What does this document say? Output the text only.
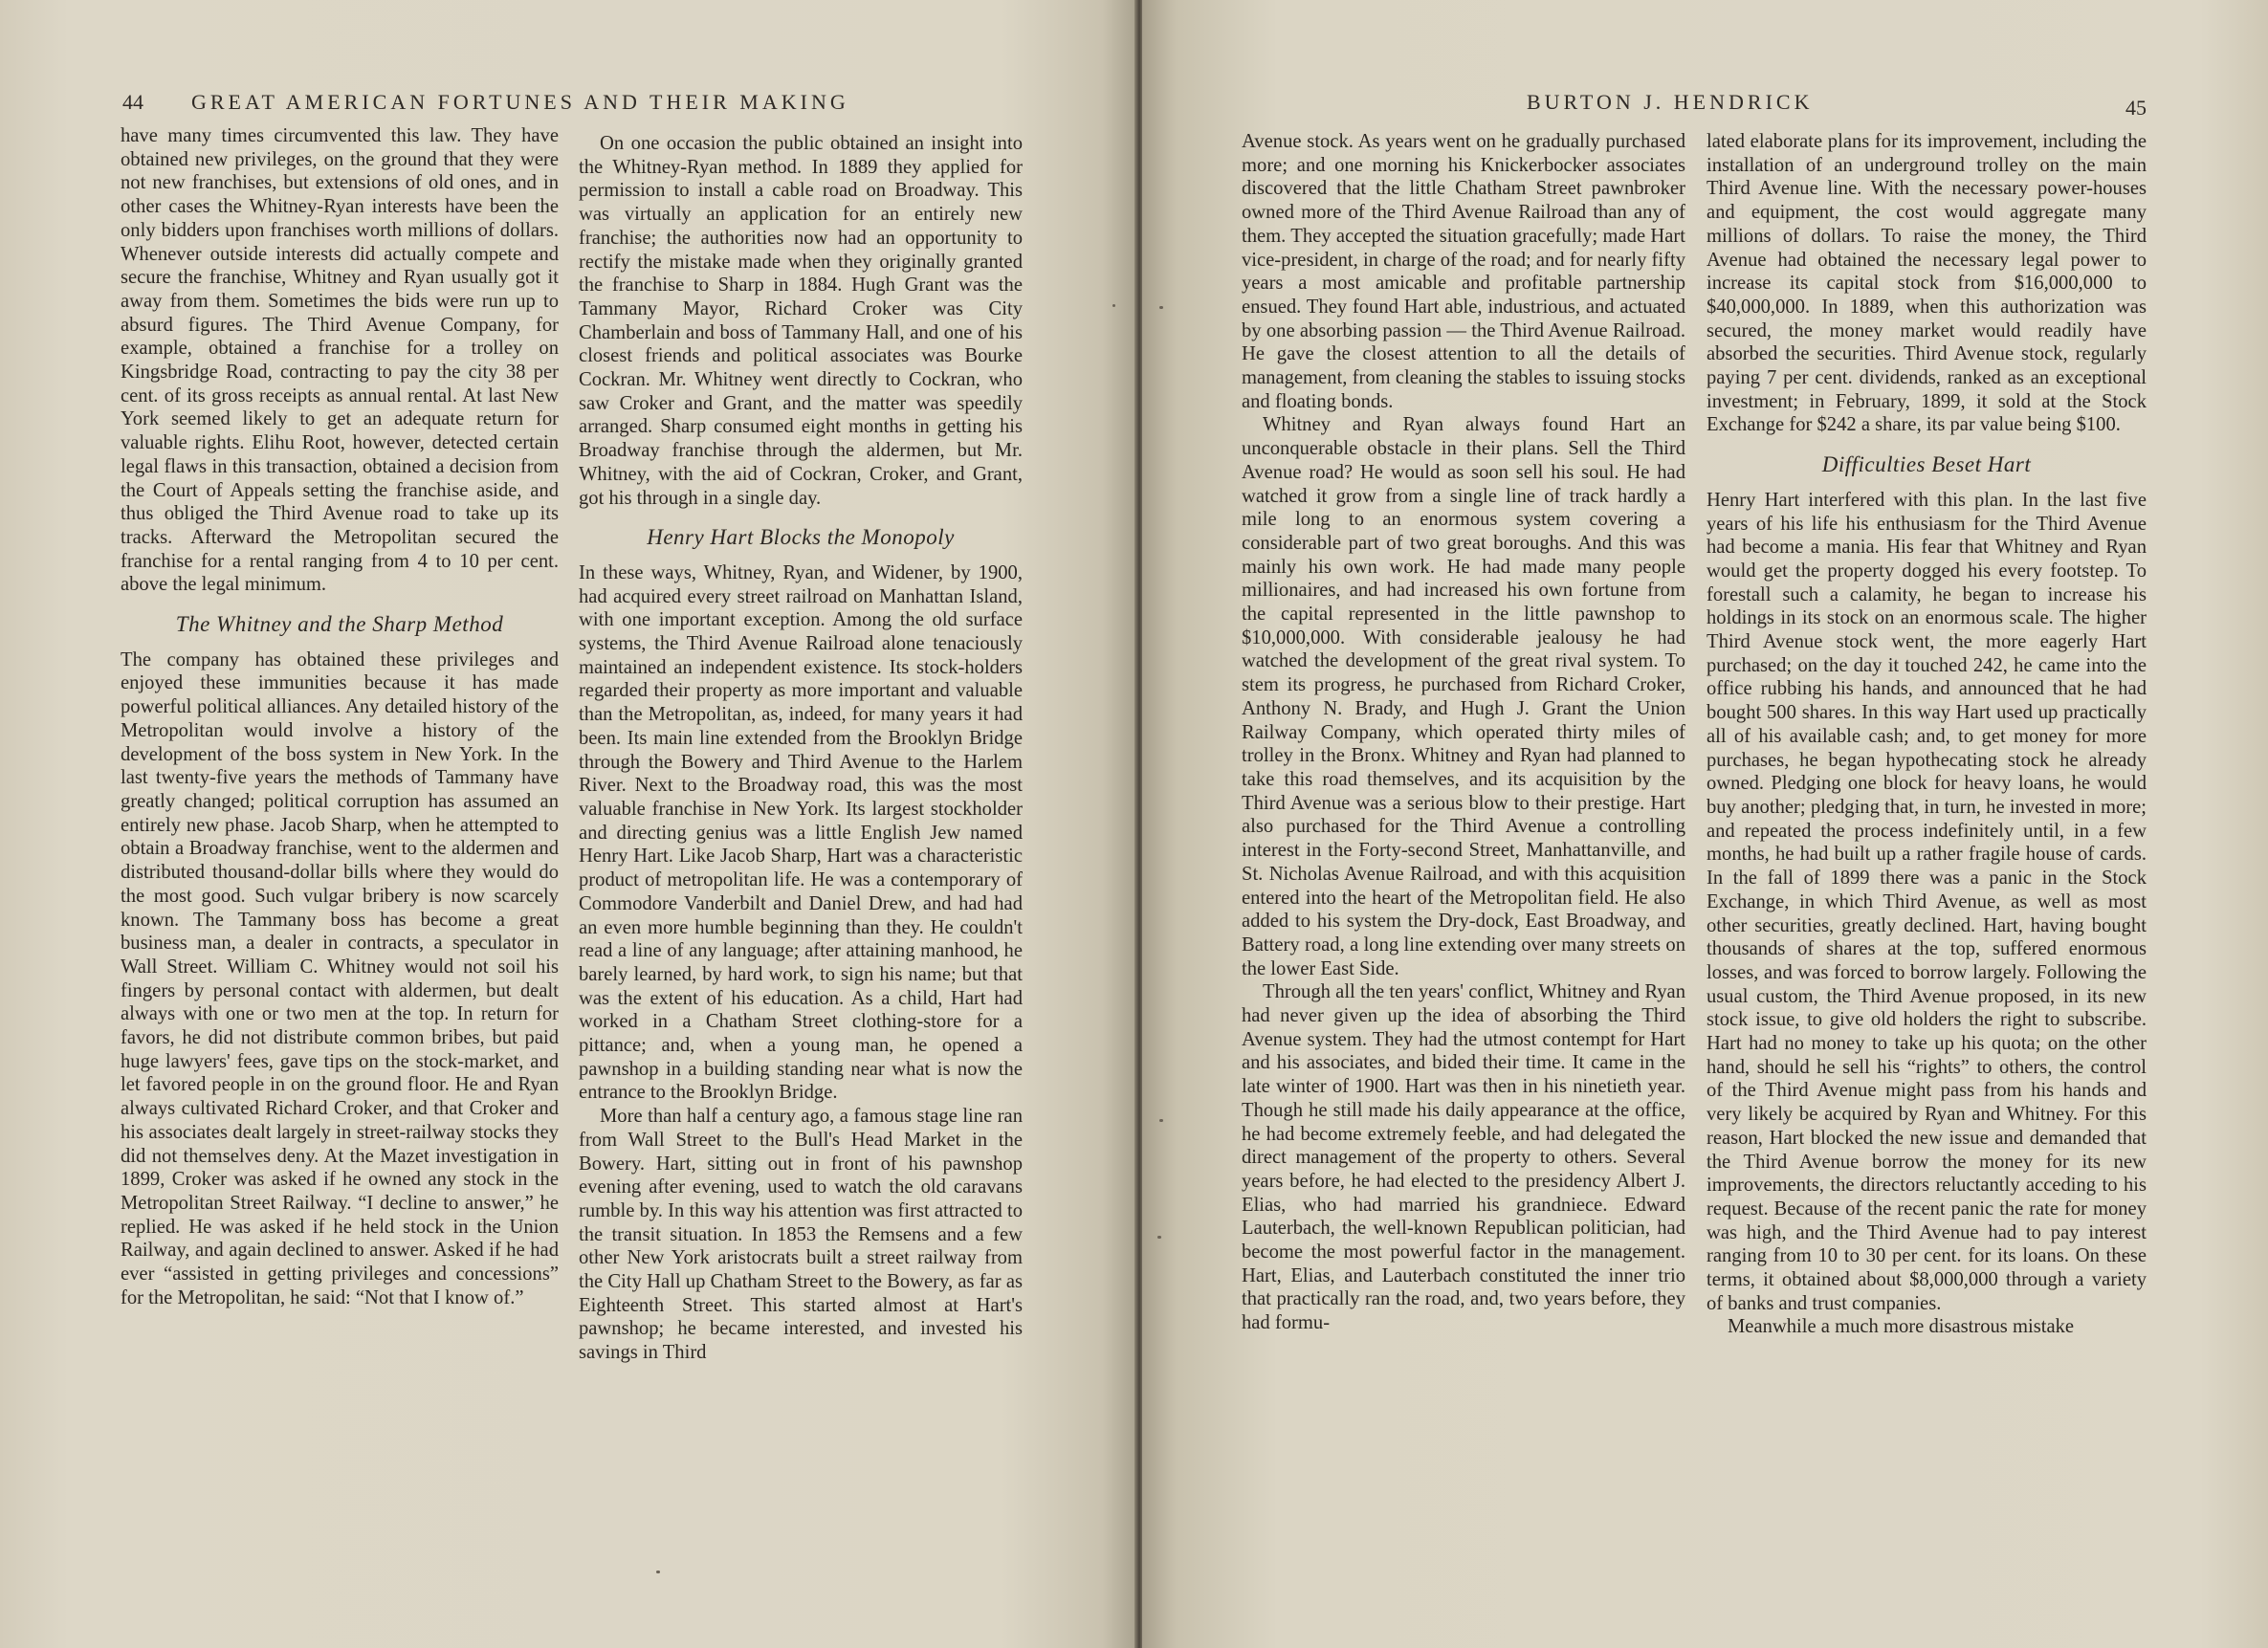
44 GREAT AMERICAN FORTUNES AND THEIR MAKING

have many times circumvented this law. They have obtained new privileges, on the ground that they were not new franchises, but extensions of old ones, and in other cases the Whitney-Ryan interests have been the only bidders upon franchises worth millions of dollars. Whenever outside interests did actually compete and secure the franchise, Whitney and Ryan usually got it away from them. Sometimes the bids were run up to absurd figures. The Third Avenue Company, for example, obtained a franchise for a trolley on Kingsbridge Road, contracting to pay the city 38 per cent. of its gross receipts as annual rental. At last New York seemed likely to get an adequate return for valuable rights. Elihu Root, however, detected certain legal flaws in this transaction, obtained a decision from the Court of Appeals setting the franchise aside, and thus obliged the Third Avenue road to take up its tracks. Afterward the Metropolitan secured the franchise for a rental ranging from 4 to 10 per cent. above the legal minimum.

The Whitney and the Sharp Method

The company has obtained these privileges and enjoyed these immunities because it has made powerful political alliances. Any detailed history of the Metropolitan would involve a history of the development of the boss system in New York. In the last twenty-five years the methods of Tammany have greatly changed; political corruption has assumed an entirely new phase. Jacob Sharp, when he attempted to obtain a Broadway franchise, went to the aldermen and distributed thousand-dollar bills where they would do the most good. Such vulgar bribery is now scarcely known. The Tammany boss has become a great business man, a dealer in contracts, a speculator in Wall Street. William C. Whitney would not soil his fingers by personal contact with aldermen, but dealt always with one or two men at the top. In return for favors, he did not distribute common bribes, but paid huge lawyers' fees, gave tips on the stock-market, and let favored people in on the ground floor. He and Ryan always cultivated Richard Croker, and that Croker and his associates dealt largely in street-railway stocks they did not themselves deny. At the Mazet investigation in 1899, Croker was asked if he owned any stock in the Metropolitan Street Railway. “I decline to answer,” he replied. He was asked if he held stock in the Union Railway, and again declined to answer. Asked if he had ever “assisted in getting privileges and concessions” for the Metropolitan, he said: “Not that I know of.”

On one occasion the public obtained an insight into the Whitney-Ryan method. In 1889 they applied for permission to install a cable road on Broadway. This was virtually an application for an entirely new franchise; the authorities now had an opportunity to rectify the mistake made when they originally granted the franchise to Sharp in 1884. Hugh Grant was the Tammany Mayor, Richard Croker was City Chamberlain and boss of Tammany Hall, and one of his closest friends and political associates was Bourke Cockran. Mr. Whitney went directly to Cockran, who saw Croker and Grant, and the matter was speedily arranged. Sharp consumed eight months in getting his Broadway franchise through the aldermen, but Mr. Whitney, with the aid of Cockran, Croker, and Grant, got his through in a single day.

Henry Hart Blocks the Monopoly

In these ways, Whitney, Ryan, and Widener, by 1900, had acquired every street railroad on Manhattan Island, with one important exception. Among the old surface systems, the Third Avenue Railroad alone tenaciously maintained an independent existence. Its stock-holders regarded their property as more important and valuable than the Metropolitan, as, indeed, for many years it had been. Its main line extended from the Brooklyn Bridge through the Bowery and Third Avenue to the Harlem River. Next to the Broadway road, this was the most valuable franchise in New York. Its largest stockholder and directing genius was a little English Jew named Henry Hart. Like Jacob Sharp, Hart was a characteristic product of metropolitan life. He was a contemporary of Commodore Vanderbilt and Daniel Drew, and had had an even more humble beginning than they. He couldn't read a line of any language; after attaining manhood, he barely learned, by hard work, to sign his name; but that was the extent of his education. As a child, Hart had worked in a Chatham Street clothing-store for a pittance; and, when a young man, he opened a pawnshop in a building standing near what is now the entrance to the Brooklyn Bridge.

More than half a century ago, a famous stage line ran from Wall Street to the Bull's Head Market in the Bowery. Hart, sitting out in front of his pawnshop evening after evening, used to watch the old caravans rumble by. In this way his attention was first attracted to the transit situation. In 1853 the Remsens and a few other New York aristocrats built a street railway from the City Hall up Chatham Street to the Bowery, as far as Eighteenth Street. This started almost at Hart's pawnshop; he became interested, and invested his savings in Third

BURTON J. HENDRICK	45

Avenue stock. As years went on he gradually purchased more; and one morning his Knickerbocker associates discovered that the little Chatham Street pawnbroker owned more of the Third Avenue Railroad than any of them. They accepted the situation gracefully; made Hart vice-president, in charge of the road; and for nearly fifty years a most amicable and profitable partnership ensued. They found Hart able, industrious, and actuated by one absorbing passion — the Third Avenue Railroad. He gave the closest attention to all the details of management, from cleaning the stables to issuing stocks and floating bonds.

Whitney and Ryan always found Hart an unconquerable obstacle in their plans. Sell the Third Avenue road? He would as soon sell his soul. He had watched it grow from a single line of track hardly a mile long to an enormous system covering a considerable part of two great boroughs. And this was mainly his own work. He had made many people millionaires, and had increased his own fortune from the capital represented in the little pawnshop to $10,000,000. With considerable jealousy he had watched the development of the great rival system. To stem its progress, he purchased from Richard Croker, Anthony N. Brady, and Hugh J. Grant the Union Railway Company, which operated thirty miles of trolley in the Bronx. Whitney and Ryan had planned to take this road themselves, and its acquisition by the Third Avenue was a serious blow to their prestige. Hart also purchased for the Third Avenue a controlling interest in the Forty-second Street, Manhattanville, and St. Nicholas Avenue Railroad, and with this acquisition entered into the heart of the Metropolitan field. He also added to his system the Dry-dock, East Broadway, and Battery road, a long line extending over many streets on the lower East Side.

Through all the ten years' conflict, Whitney and Ryan had never given up the idea of absorbing the Third Avenue system. They had the utmost contempt for Hart and his associates, and bided their time. It came in the late winter of 1900. Hart was then in his ninetieth year. Though he still made his daily appearance at the office, he had become extremely feeble, and had delegated the direct management of the property to others. Several years before, he had elected to the presidency Albert J. Elias, who had married his grandniece. Edward Lauterbach, the well-known Republican politician, had become the most powerful factor in the management. Hart, Elias, and Lauterbach constituted the inner trio that practically ran the road, and, two years before, they had formu-

lated elaborate plans for its improvement, including the installation of an underground trolley on the main Third Avenue line. With the necessary power-houses and equipment, the cost would aggregate many millions of dollars. To raise the money, the Third Avenue had obtained the necessary legal power to increase its capital stock from $16,000,000 to $40,000,000. In 1889, when this authorization was secured, the money market would readily have absorbed the securities. Third Avenue stock, regularly paying 7 per cent. dividends, ranked as an exceptional investment; in February, 1899, it sold at the Stock Exchange for $242 a share, its par value being $100.

Difficulties Beset Hart

Henry Hart interfered with this plan. In the last five years of his life his enthusiasm for the Third Avenue had become a mania. His fear that Whitney and Ryan would get the property dogged his every footstep. To forestall such a calamity, he began to increase his holdings in its stock on an enormous scale. The higher Third Avenue stock went, the more eagerly Hart purchased; on the day it touched 242, he came into the office rubbing his hands, and announced that he had bought 500 shares. In this way Hart used up practically all of his available cash; and, to get money for more purchases, he began hypothecating stock he already owned. Pledging one block for heavy loans, he would buy another; pledging that, in turn, he invested in more; and repeated the process indefinitely until, in a few months, he had built up a rather fragile house of cards. In the fall of 1899 there was a panic in the Stock Exchange, in which Third Avenue, as well as most other securities, greatly declined. Hart, having bought thousands of shares at the top, suffered enormous losses, and was forced to borrow largely. Following the usual custom, the Third Avenue proposed, in its new stock issue, to give old holders the right to subscribe. Hart had no money to take up his quota; on the other hand, should he sell his “rights” to others, the control of the Third Avenue might pass from his hands and very likely be acquired by Ryan and Whitney. For this reason, Hart blocked the new issue and demanded that the Third Avenue borrow the money for its new improvements, the directors reluctantly acceding to his request. Because of the recent panic the rate for money was high, and the Third Avenue had to pay interest ranging from 10 to 30 per cent. for its loans. On these terms, it obtained about $8,000,000 through a variety of banks and trust companies.

Meanwhile a much more disastrous mistake
